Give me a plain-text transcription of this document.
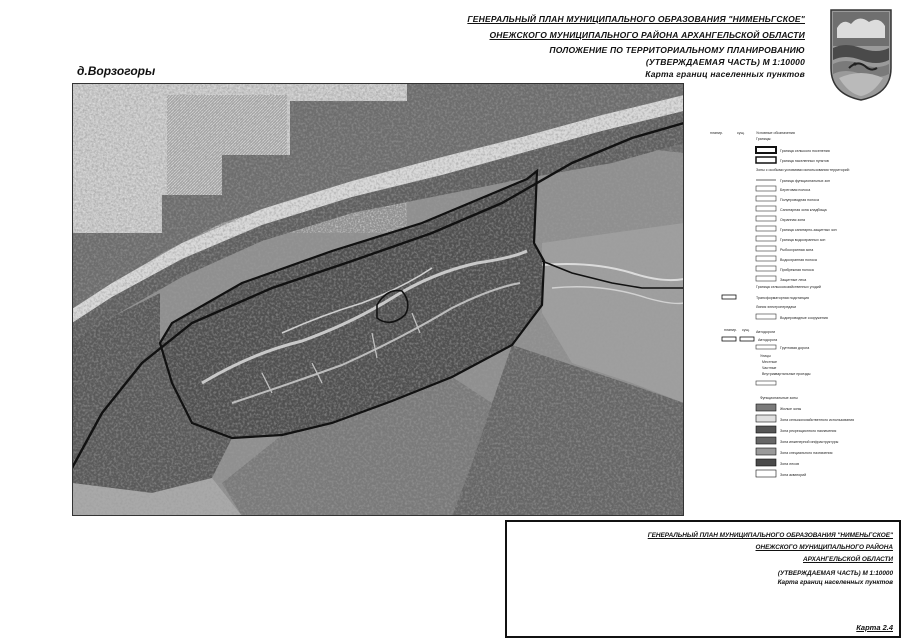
ГЕНЕРАЛЬНЫЙ ПЛАН МУНИЦИПАЛЬНОГО ОБРАЗОВАНИЯ "НИМЕНЬГСКОЕ"
ОНЕЖСКОГО МУНИЦИПАЛЬНОГО РАЙОНА АРХАНГЕЛЬСКОЙ ОБЛАСТИ
ПОЛОЖЕНИЕ ПО ТЕРРИТОРИАЛЬНОМУ ПЛАНИРОВАНИЮ
(УТВЕРЖДАЕМАЯ ЧАСТЬ) М 1:10000
Карта границ населенных пунктов
д.Ворзогоры
планир.	сущ.	Условные обозначения
Границы:
Граница сельского поселения
Граница населенных пунктов
Зоны с особыми условиями использования территорий:
Граница функциональных зон
Береговая полоса
Полупроводная полоса
Санитарная зона кладбища
Охранная зона
Граница санитарно-защитных зон
Граница водоохранных зон
Рыбоохранная зона
Водоохранная полоса
Прибрежная полоса
Защитные леса
Граница сельскохозяйственных угодий
Трансформаторная подстанция
Линия электропередачи
Водопроводные сооружения
планир. сущ. Автодороги
Автодорога
Грунтовая дорога
Улицы
Местные
Частные
Внутриквартальные проезды
Функциональные зоны
Жилые зоны
Зона сельскохозяйственного использования
Зона рекреационного назначения
Зона инженерной инфраструктуры
Зона специального назначения
Зона лесов
Зона акваторий
ГЕНЕРАЛЬНЫЙ ПЛАН МУНИЦИПАЛЬНОГО ОБРАЗОВАНИЯ "НИМЕНЬГСКОЕ"
ОНЕЖСКОГО МУНИЦИПАЛЬНОГО РАЙОНА
АРХАНГЕЛЬСКОЙ ОБЛАСТИ
(УТВЕРЖДАЕМАЯ ЧАСТЬ) М 1:10000
Карта границ населенных пунктов
Карта 2.4
